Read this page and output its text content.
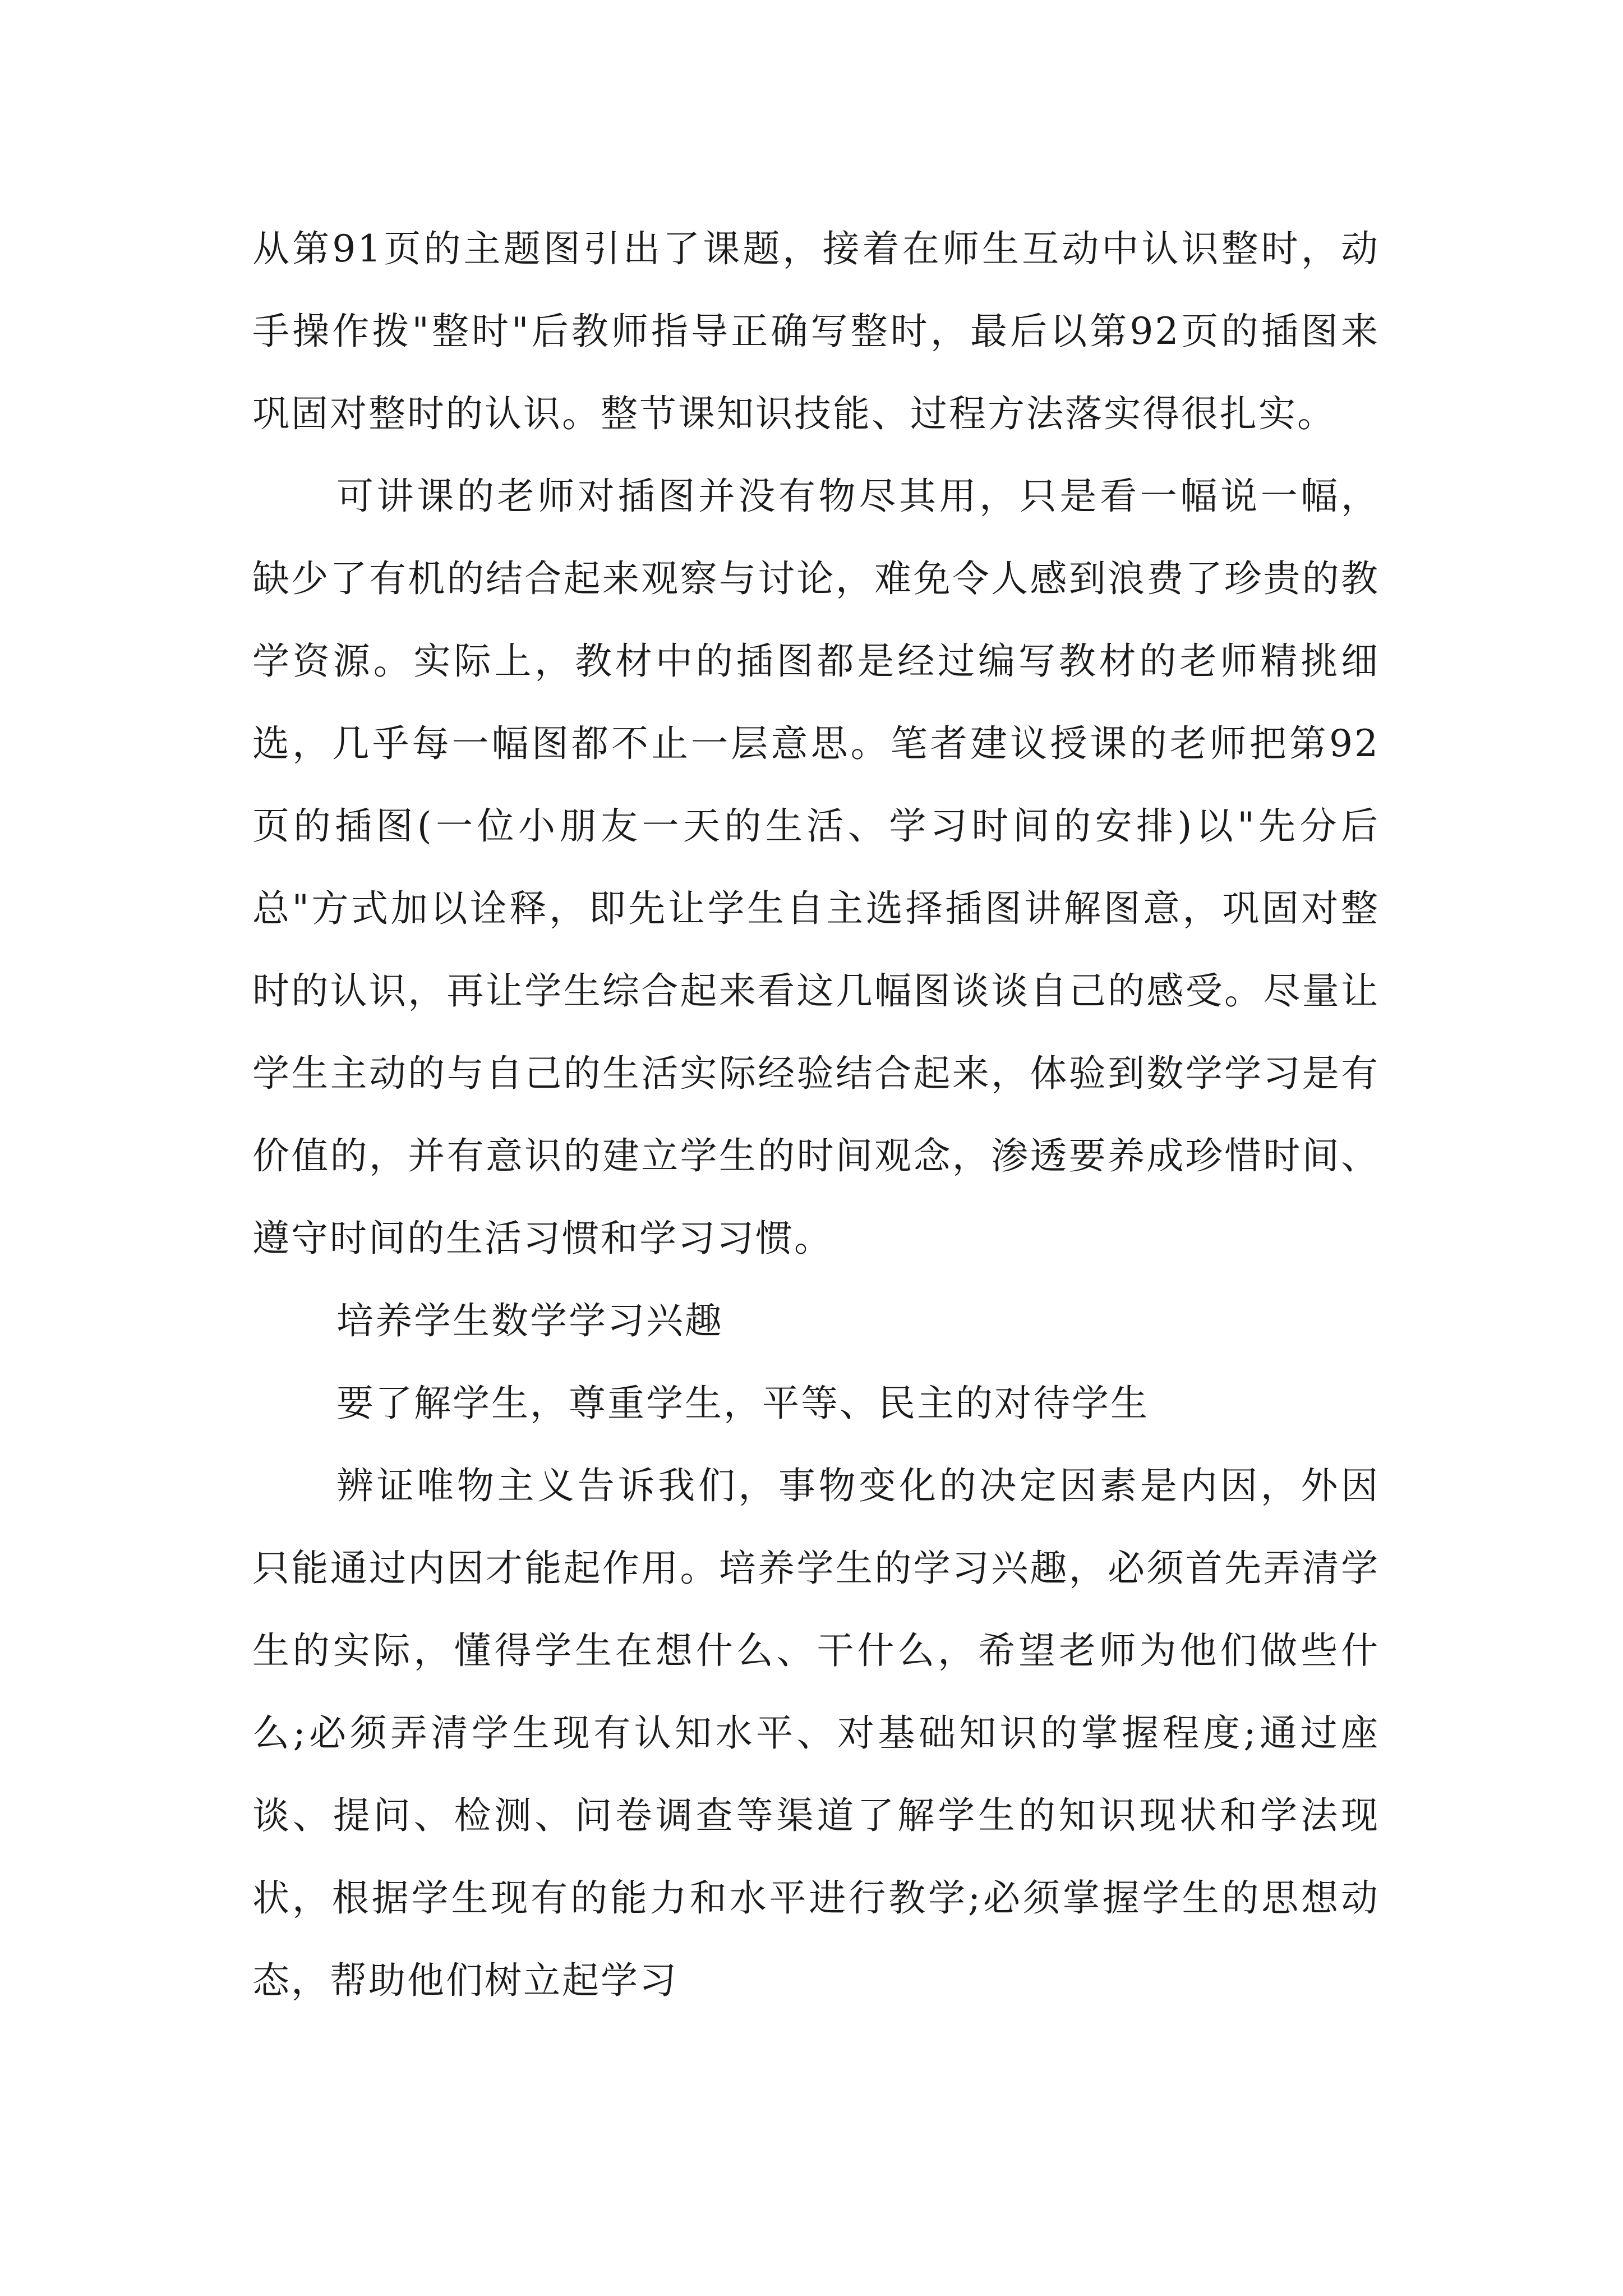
从第91页的主题图引出了课题，接着在师生互动中认识整时，动手操作拨"整时"后教师指导正确写整时，最后以第92页的插图来巩固对整时的认识。整节课知识技能、过程方法落实得很扎实。

可讲课的老师对插图并没有物尽其用，只是看一幅说一幅，缺少了有机的结合起来观察与讨论，难免令人感到浪费了珍贵的教学资源。实际上，教材中的插图都是经过编写教材的老师精挑细选，几乎每一幅图都不止一层意思。笔者建议授课的老师把第92页的插图(一位小朋友一天的生活、学习时间的安排)以"先分后总"方式加以诠释，即先让学生自主选择插图讲解图意，巩固对整时的认识，再让学生综合起来看这几幅图谈谈自己的感受。尽量让学生主动的与自己的生活实际经验结合起来，体验到数学学习是有价值的，并有意识的建立学生的时间观念，渗透要养成珍惜时间、遵守时间的生活习惯和学习习惯。

培养学生数学学习兴趣

要了解学生，尊重学生，平等、民主的对待学生

辨证唯物主义告诉我们，事物变化的决定因素是内因，外因只能通过内因才能起作用。培养学生的学习兴趣，必须首先弄清学生的实际，懂得学生在想什么、干什么，希望老师为他们做些什么;必须弄清学生现有认知水平、对基础知识的掌握程度;通过座谈、提问、检测、问卷调查等渠道了解学生的知识现状和学法现状，根据学生现有的能力和水平进行教学;必须掌握学生的思想动态，帮助他们树立起学习
